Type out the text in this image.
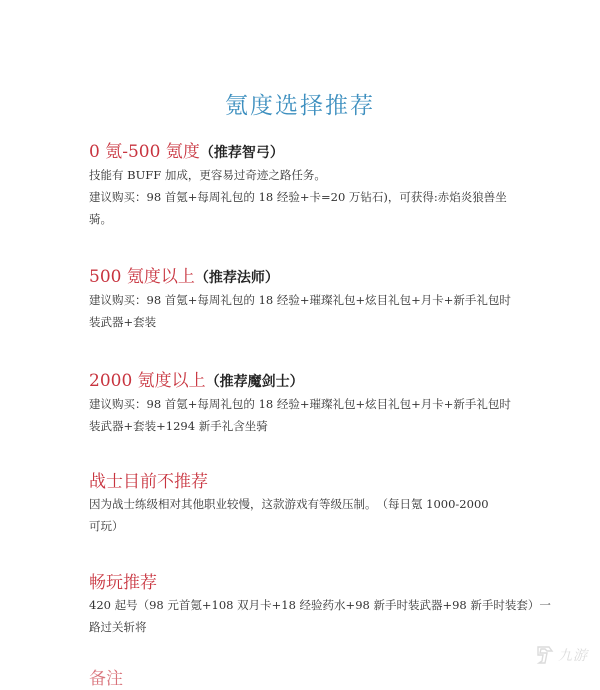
氪度选择推荐

0 氪-500 氪度（推荐智弓）

技能有 BUFF 加成，更容易过奇迹之路任务。

建议购买：98 首氪+每周礼包的 18 经验+卡=20 万钻石)，可获得:赤焰炎狼兽坐

骑。

500 氪度以上（推荐法师）

建议购买：98 首氪+每周礼包的 18 经验+璀璨礼包+炫目礼包+月卡+新手礼包时

装武器+套装

2000 氪度以上（推荐魔剑士）

建议购买：98 首氪+每周礼包的 18 经验+璀璨礼包+炫目礼包+月卡+新手礼包时

装武器+套装+1294 新手礼含坐骑

战士目前不推荐

因为战士练级相对其他职业较慢，这款游戏有等级压制。　（每日氪 1000-2000

可玩）

畅玩推荐

420 起号（98 元首氪+108 双月卡+18 经验药水+98 新手时装武器+98 新手时装套）一

路过关斩将

备注

九游
